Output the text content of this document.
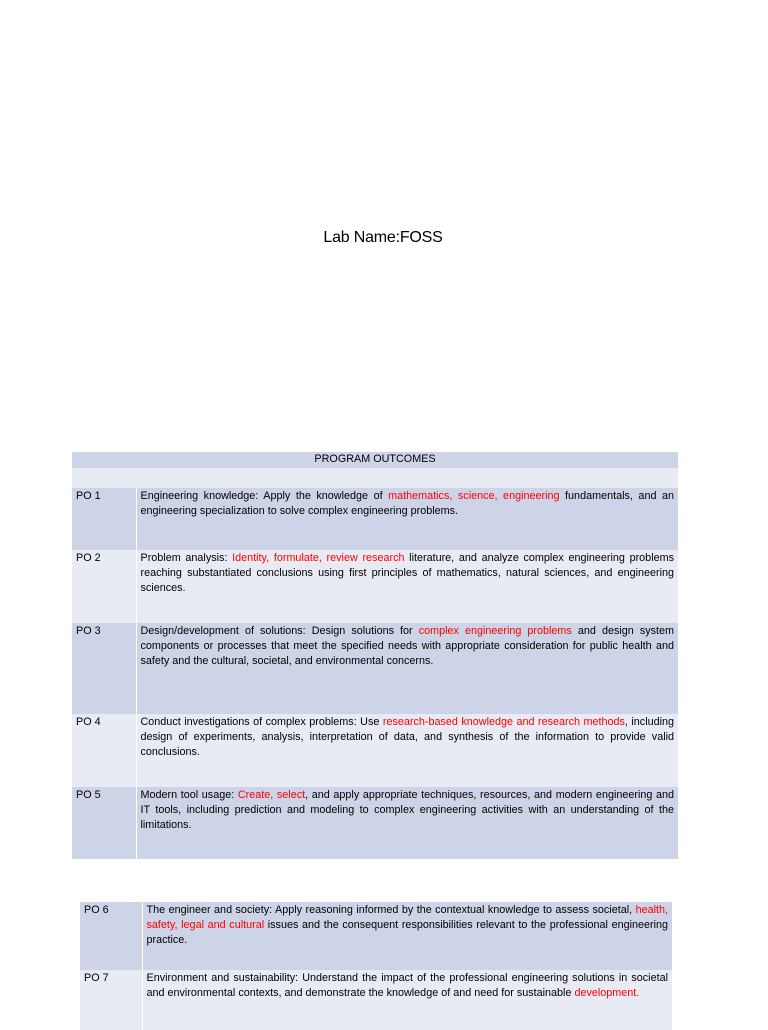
Lab Name:FOSS
PROGRAM OUTCOMES	

PO 1	Engineering knowledge: Apply the knowledge of mathematics, science, engineering fundamentals, and an engineering specialization to solve complex engineering problems.
PO 2	Problem analysis: Identity, formulate, review research literature, and analyze complex engineering problems reaching substantiated conclusions using first principles of mathematics, natural sciences, and engineering sciences.
PO 3	Design/development of solutions: Design solutions for complex engineering problems and design system components or processes that meet the specified needs with appropriate consideration for public health and safety and the cultural, societal, and environmental concerns.
PO 4	Conduct investigations of complex problems: Use research-based knowledge and research methods, including design of experiments, analysis, interpretation of data, and synthesis of the information to provide valid conclusions.
PO 5	Modern tool usage: Create, select, and apply appropriate techniques, resources, and modern engineering and IT tools, including prediction and modeling to complex engineering activities with an understanding of the limitations.
PO 6	The engineer and society: Apply reasoning informed by the contextual knowledge to assess societal, health, safety, legal and cultural issues and the consequent responsibilities relevant to the professional engineering practice.
PO 7	Environment and sustainability: Understand the impact of the professional engineering solutions in societal and environmental contexts, and demonstrate the knowledge of and need for sustainable development.
